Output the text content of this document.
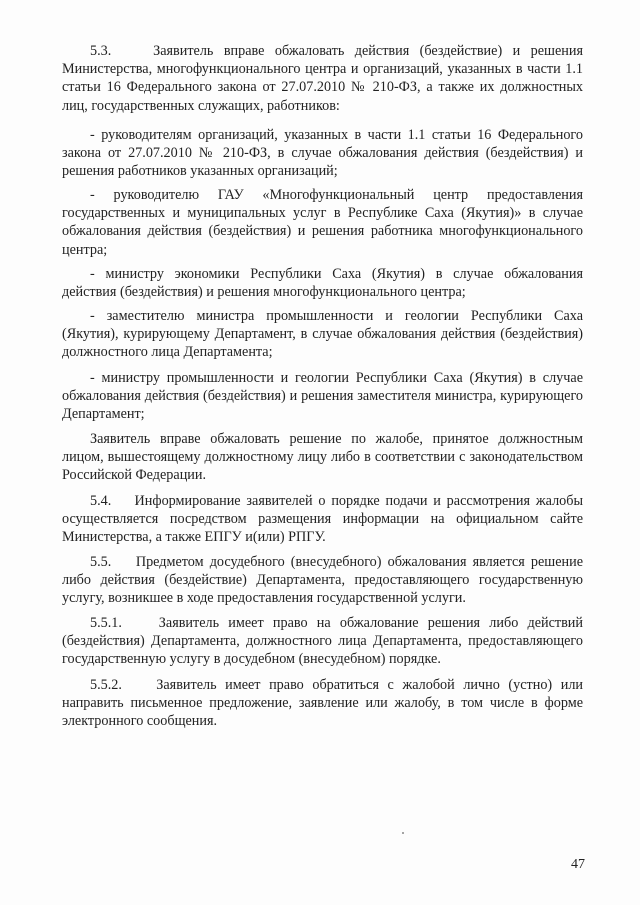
5.3.    Заявитель вправе обжаловать действия (бездействие) и решения Министерства, многофункционального центра и организаций, указанных в части 1.1 статьи 16 Федерального закона от 27.07.2010 № 210-ФЗ, а также их должностных лиц, государственных служащих, работников:

- руководителям организаций, указанных в части 1.1 статьи 16 Федерального закона от 27.07.2010 № 210-ФЗ, в случае обжалования действия (бездействия) и решения работников указанных организаций;

- руководителю ГАУ «Многофункциональный центр предоставления государственных и муниципальных услуг в Республике Саха (Якутия)» в случае обжалования действия (бездействия) и решения работника многофункционального центра;

- министру экономики Республики Саха (Якутия) в случае обжалования действия (бездействия) и решения многофункционального центра;

- заместителю министра промышленности и геологии Республики Саха (Якутия), курирующему Департамент, в случае обжалования действия (бездействия) должностного лица Департамента;

- министру промышленности и геологии Республики Саха (Якутия) в случае обжалования действия (бездействия) и решения заместителя министра, курирующего Департамент;

Заявитель вправе обжаловать решение по жалобе, принятое должностным лицом, вышестоящему должностному лицу либо в соответствии с законодательством Российской Федерации.

5.4.    Информирование заявителей о порядке подачи и рассмотрения жалобы осуществляется посредством размещения информации на официальном сайте Министерства, а также ЕПГУ и(или) РПГУ.

5.5.    Предметом досудебного (внесудебного) обжалования является решение либо действия (бездействие) Департамента, предоставляющего государственную услугу, возникшее в ходе предоставления государственной услуги.

5.5.1.    Заявитель имеет право на обжалование решения либо действий (бездействия) Департамента, должностного лица Департамента, предоставляющего государственную услугу в досудебном (внесудебном) порядке.

5.5.2.    Заявитель имеет право обратиться с жалобой лично (устно) или направить письменное предложение, заявление или жалобу, в том числе в форме электронного сообщения.

47
